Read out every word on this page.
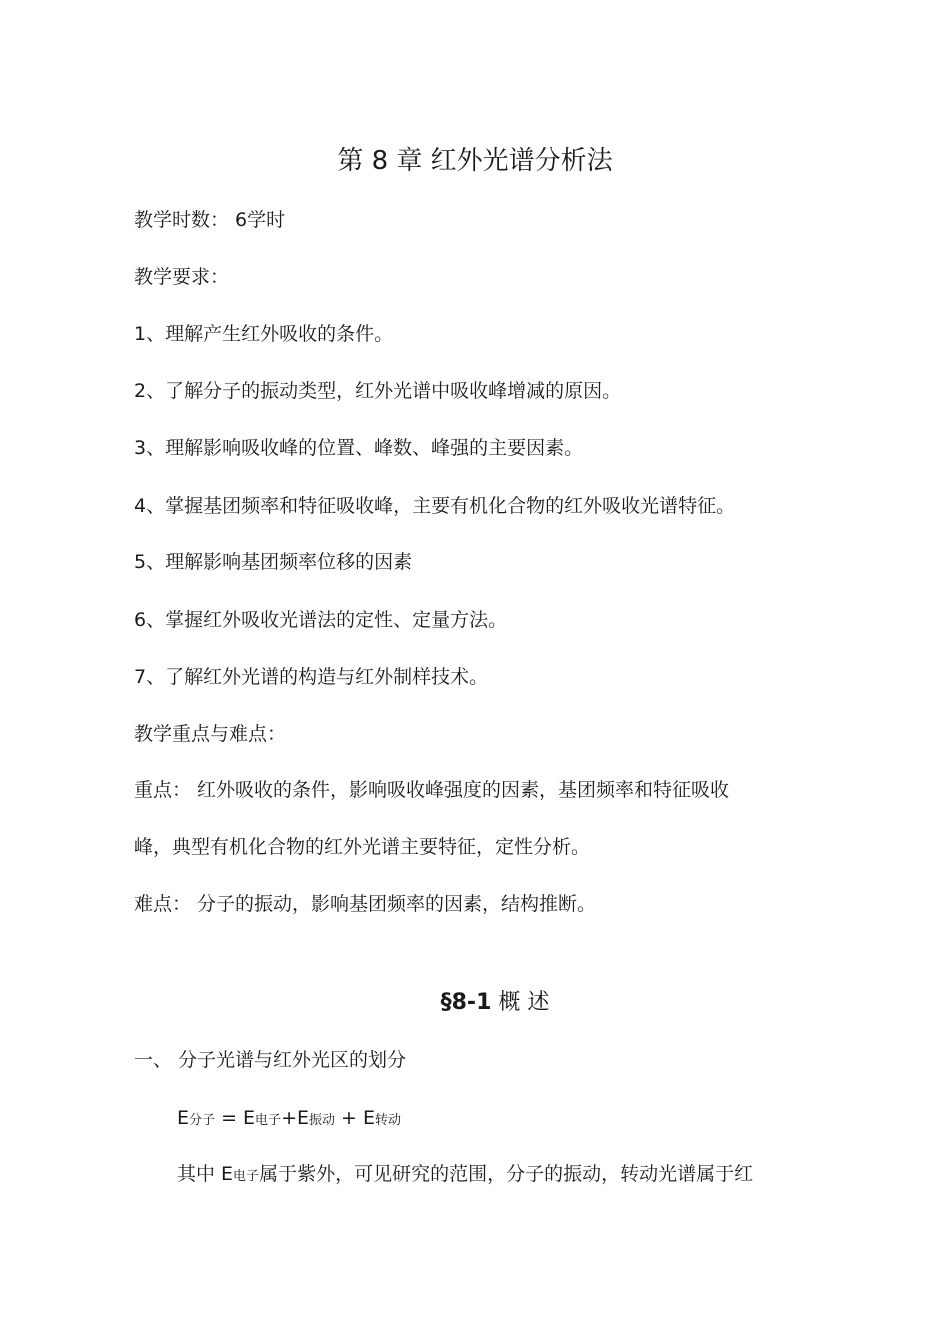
第 8 章 红外光谱分析法
教学时数： 6学时
教学要求：
1、理解产生红外吸收的条件。
2、了解分子的振动类型，红外光谱中吸收峰增减的原因。
3、理解影响吸收峰的位置、峰数、峰强的主要因素。
4、掌握基团频率和特征吸收峰，主要有机化合物的红外吸收光谱特征。
5、理解影响基团频率位移的因素
6、掌握红外吸收光谱法的定性、定量方法。
7、了解红外光谱的构造与红外制样技术。
教学重点与难点：
重点： 红外吸收的条件，影响吸收峰强度的因素，基团频率和特征吸收
峰，典型有机化合物的红外光谱主要特征，定性分析。
难点： 分子的振动，影响基团频率的因素，结构推断。
§8-1 概 述
一、 分子光谱与红外光区的划分
E分子 = E电子+E振动 + E转动
其中 E电子属于紫外，可见研究的范围，分子的振动，转动光谱属于红
